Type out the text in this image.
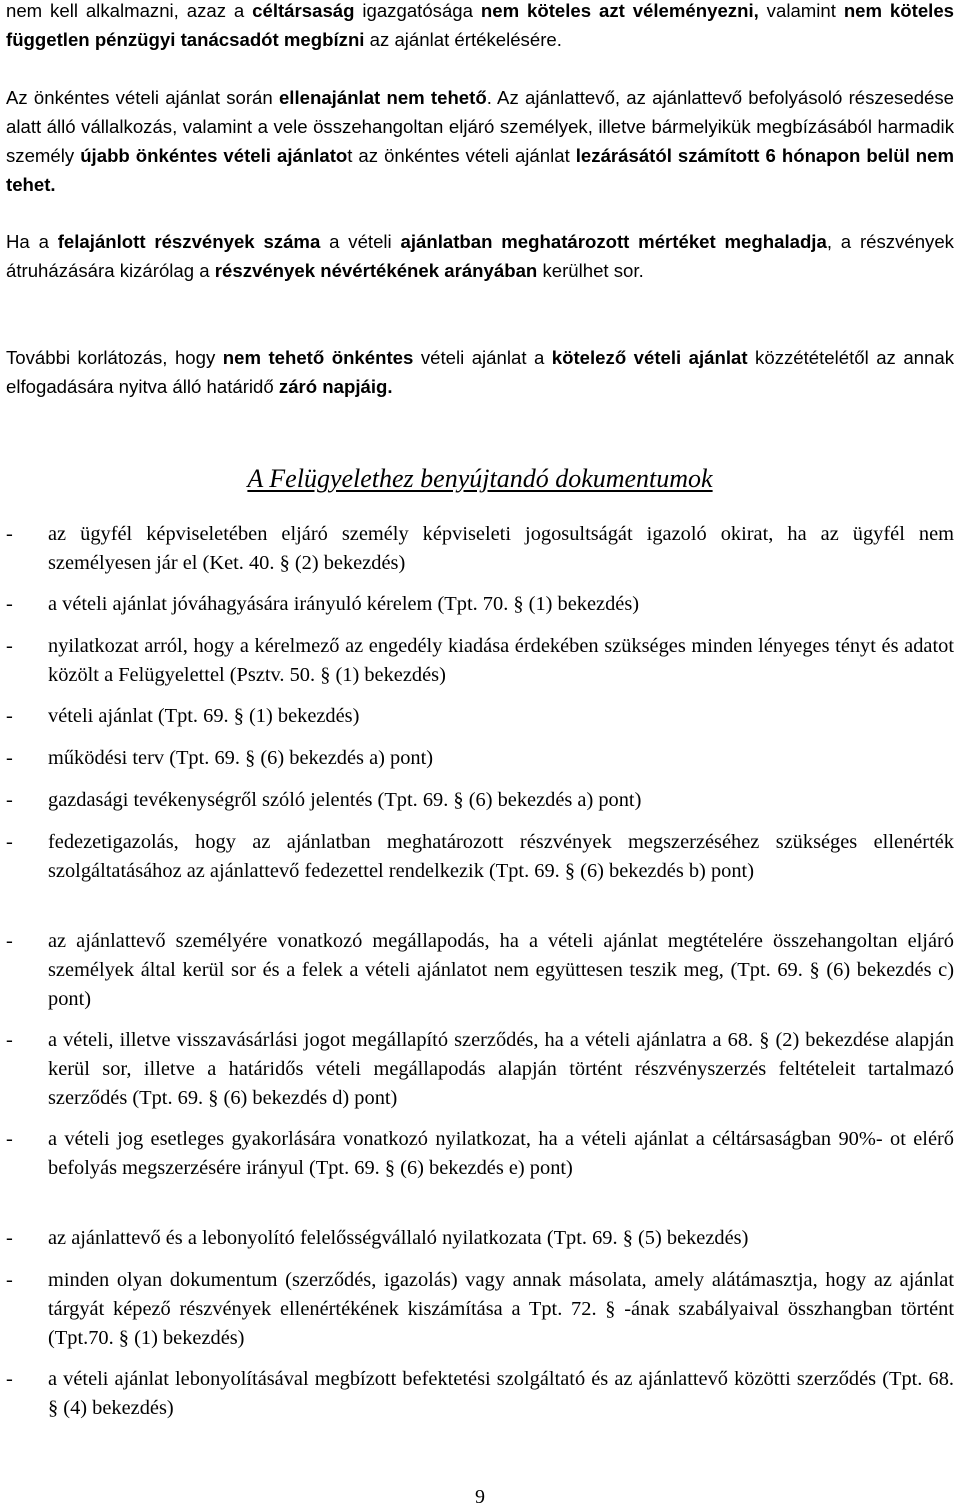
nem kell alkalmazni, azaz a céltársaság igazgatósága nem köteles azt véleményezni, valamint nem köteles független pénzügyi tanácsadót megbízni az ajánlat értékelésére.

Az önkéntes vételi ajánlat során ellenajánlat nem tehető. Az ajánlattevő, az ajánlattevő befolyásoló részesedése alatt álló vállalkozás, valamint a vele összehangoltan eljáró személyek, illetve bármelyikük megbízásából harmadik személy újabb önkéntes vételi ajánlatot az önkéntes vételi ajánlat lezárásától számított 6 hónapon belül nem tehet.

Ha a felajánlott részvények száma a vételi ajánlatban meghatározott mértéket meghaladja, a részvények átruházására kizárólag a részvények névértékének arányában kerülhet sor.

További korlátozás, hogy nem tehető önkéntes vételi ajánlat a kötelező vételi ajánlat közzétételétől az annak elfogadására nyitva álló határidő záró napjáig.

A Felügyelethez benyújtandó dokumentumok
-	az ügyfél képviseletében eljáró személy képviseleti jogosultságát igazoló okirat, ha az ügyfél nem személyesen jár el (Ket. 40. § (2) bekezdés)
-	a vételi ajánlat jóváhagyására irányuló kérelem (Tpt. 70. § (1) bekezdés)
-	nyilatkozat arról, hogy a kérelmező az engedély kiadása érdekében szükséges minden lényeges tényt és adatot közölt a Felügyelettel (Psztv. 50. § (1) bekezdés)
-	vételi ajánlat (Tpt. 69. § (1) bekezdés)
-	működési terv (Tpt. 69. § (6) bekezdés a) pont)
-	gazdasági tevékenységről szóló jelentés (Tpt. 69. § (6) bekezdés a) pont)
-	fedezetigazolás, hogy az ajánlatban meghatározott részvények megszerzéséhez szükséges ellenérték szolgáltatásához az ajánlattevő fedezettel rendelkezik (Tpt. 69. § (6) bekezdés b) pont)
-	az ajánlattevő személyére vonatkozó megállapodás, ha a vételi ajánlat megtételére összehangoltan eljáró személyek által kerül sor és a felek a vételi ajánlatot nem együttesen teszik meg, (Tpt. 69. § (6) bekezdés c) pont)
-	a vételi, illetve visszavásárlási jogot megállapító szerződés, ha a vételi ajánlatra a 68. § (2) bekezdése alapján kerül sor, illetve a határidős vételi megállapodás alapján történt részvényszerzés feltételeit tartalmazó szerződés (Tpt. 69. § (6) bekezdés d) pont)
-	a vételi jog esetleges gyakorlására vonatkozó nyilatkozat, ha a vételi ajánlat a céltársaságban 90%- ot elérő befolyás megszerzésére irányul (Tpt. 69. § (6) bekezdés e) pont)
-	az ajánlattevő és a lebonyolító felelősségvállaló nyilatkozata (Tpt. 69. § (5) bekezdés)
-	minden olyan dokumentum (szerződés, igazolás) vagy annak másolata, amely alátámasztja, hogy az ajánlat tárgyát képező részvények ellenértékének kiszámítása a Tpt. 72. § -ának szabályaival összhangban történt (Tpt.70. § (1) bekezdés)
-	a vételi ajánlat lebonyolításával megbízott befektetési szolgáltató és az ajánlattevő közötti szerződés (Tpt. 68. § (4) bekezdés)
9
